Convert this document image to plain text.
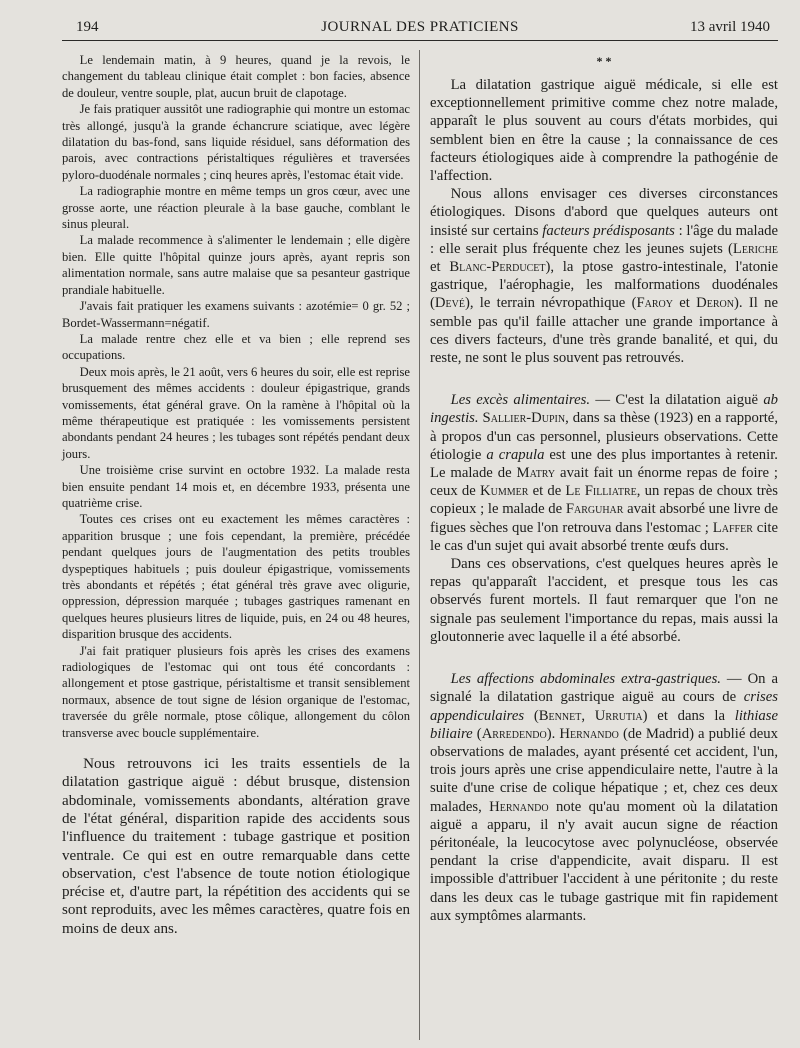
194	JOURNAL DES PRATICIENS	13 avril 1940

Le lendemain matin, à 9 heures, quand je la revois, le changement du tableau clinique était complet : bon facies, absence de douleur, ventre souple, plat, aucun bruit de clapotage.

Je fais pratiquer aussitôt une radiographie qui montre un estomac très allongé, jusqu'à la grande échancrure sciatique, avec légère dilatation du bas-fond, sans liquide résiduel, sans déformation des parois, avec contractions péristaltiques régulières et traversées pyloro-duodénale normales ; cinq heures après, l'estomac était vide.

La radiographie montre en même temps un gros cœur, avec une grosse aorte, une réaction pleurale à la base gauche, comblant le sinus pleural.

La malade recommence à s'alimenter le lendemain ; elle digère bien. Elle quitte l'hôpital quinze jours après, ayant repris son alimentation normale, sans autre malaise que sa pesanteur gastrique prandiale habituelle.

J'avais fait pratiquer les examens suivants : azotémie= 0 gr. 52 ; Bordet-Wassermann=négatif.

La malade rentre chez elle et va bien ; elle reprend ses occupations.

Deux mois après, le 21 août, vers 6 heures du soir, elle est reprise brusquement des mêmes accidents : douleur épigastrique, grands vomissements, état général grave. On la ramène à l'hôpital où la même thérapeutique est pratiquée : les vomissements persistent abondants pendant 24 heures ; les tubages sont répétés pendant deux jours.

Une troisième crise survint en octobre 1932. La malade resta bien ensuite pendant 14 mois et, en décembre 1933, présenta une quatrième crise.

Toutes ces crises ont eu exactement les mêmes caractères : apparition brusque ; une fois cependant, la première, précédée pendant quelques jours de l'augmentation des petits troubles dyspeptiques habituels ; puis douleur épigastrique, vomissements très abondants et répétés ; état général très grave avec oligurie, oppression, dépression marquée ; tubages gastriques ramenant en quelques heures plusieurs litres de liquide, puis, en 24 ou 48 heures, disparition brusque des accidents.

J'ai fait pratiquer plusieurs fois après les crises des examens radiologiques de l'estomac qui ont tous été concordants : allongement et ptose gastrique, péristaltisme et transit sensiblement normaux, absence de tout signe de lésion organique de l'estomac, traversée du grêle normale, ptose côlique, allongement du côlon transverse avec boucle supplémentaire.

Nous retrouvons ici les traits essentiels de la dilatation gastrique aiguë : début brusque, distension abdominale, vomissements abondants, altération grave de l'état général, disparition rapide des accidents sous l'influence du traitement : tubage gastrique et position ventrale. Ce qui est en outre remarquable dans cette observation, c'est l'absence de toute notion étiologique précise et, d'autre part, la répétition des accidents qui se sont reproduits, avec les mêmes caractères, quatre fois en moins de deux ans.

* *

La dilatation gastrique aiguë médicale, si elle est exceptionnellement primitive comme chez notre malade, apparaît le plus souvent au cours d'états morbides, qui semblent bien en être la cause ; la connaissance de ces facteurs étiologiques aide à comprendre la pathogénie de l'affection.

Nous allons envisager ces diverses circonstances étiologiques. Disons d'abord que quelques auteurs ont insisté sur certains facteurs prédisposants : l'âge du malade : elle serait plus fréquente chez les jeunes sujets (Leriche et Blanc-Perducet), la ptose gastro-intestinale, l'atonie gastrique, l'aérophagie, les malformations duodénales (Devé), le terrain névropathique (Faroy et Deron). Il ne semble pas qu'il faille attacher une grande importance à ces divers facteurs, d'une très grande banalité, et qui, du reste, ne sont le plus souvent pas retrouvés.

Les excès alimentaires. — C'est la dilatation aiguë ab ingestis. Sallier-Dupin, dans sa thèse (1923) en a rapporté, à propos d'un cas personnel, plusieurs observations. Cette étiologie a crapula est une des plus importantes à retenir. Le malade de Matry avait fait un énorme repas de foire ; ceux de Kummer et de Le Filliatre, un repas de choux très copieux ; le malade de Farguhar avait absorbé une livre de figues sèches que l'on retrouva dans l'estomac ; Laffer cite le cas d'un sujet qui avait absorbé trente œufs durs.

Dans ces observations, c'est quelques heures après le repas qu'apparaît l'accident, et presque tous les cas observés furent mortels. Il faut remarquer que l'on ne signale pas seulement l'importance du repas, mais aussi la gloutonnerie avec laquelle il a été absorbé.

Les affections abdominales extra-gastriques. — On a signalé la dilatation gastrique aiguë au cours de crises appendiculaires (Bennet, Urrutia) et dans la lithiase biliaire (Arredendo). Hernando (de Madrid) a publié deux observations de malades, ayant présenté cet accident, l'un, trois jours après une crise appendiculaire nette, l'autre à la suite d'une crise de colique hépatique ; et, chez ces deux malades, Hernando note qu'au moment où la dilatation aiguë a apparu, il n'y avait aucun signe de réaction péritonéale, la leucocytose avec polynucléose, observée pendant la crise d'appendicite, avait disparu. Il est impossible d'attribuer l'accident à une péritonite ; du reste dans les deux cas le tubage gastrique mit fin rapidement aux symptômes alarmants.
